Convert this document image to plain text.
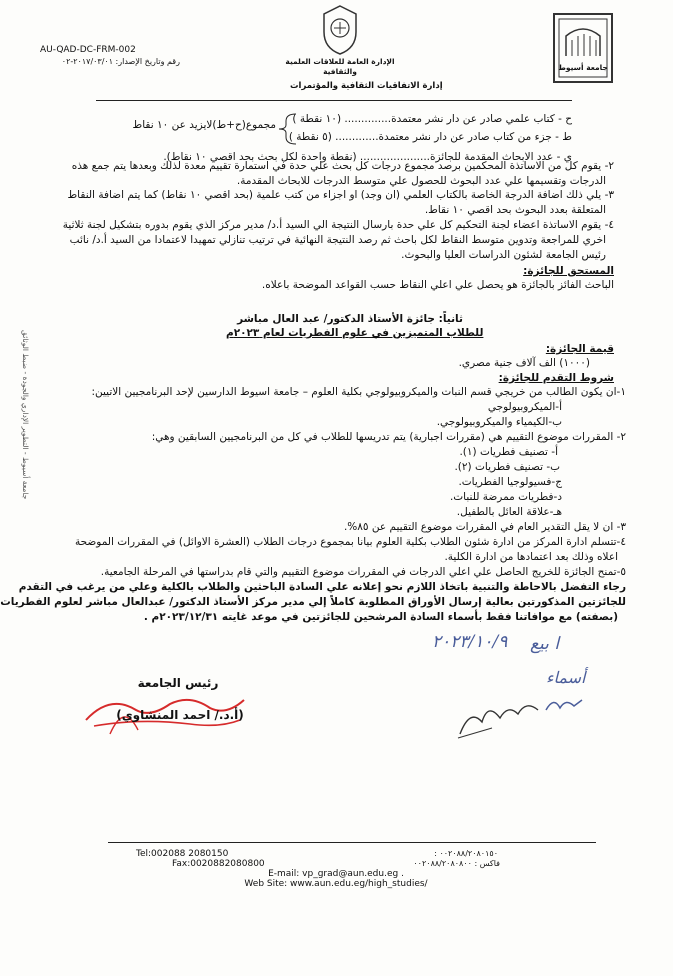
AU-QAD-DC-FRM-002
رقم وتاريخ الإصدار: ٢٠١٧/٠٣/٠١-٠٢	الإدارة العامة للعلاقات العلمية والثقافية
إدارة الاتفاقيات الثقافية والمؤتمرات
جامعة أسيوط
ح - كتاب علمي صادر عن دار نشر معتمدة.............. (١٠ نقطة )
ط - جزء من كتاب صادر عن دار نشر معتمدة............. (٥ نقطة )
مجموع(ح+ط)لايزيد عن ١٠ نقاط
ي - عدد الابحاث المقدمة للجائزة..................... (نقطة واحدة لكل بحث بحد اقصي ١٠ نقاط).
٢- يقوم كل من الاساتذة المحكمين برصد مجموع درجات كل بحث علي حدة في استمارة تقييم معدة لذلك وبعدها يتم جمع هذه
الدرجات وتقسيمها علي عدد البحوث للحصول علي متوسط الدرجات للابحاث المقدمة.
٣- يلي ذلك اضافة الدرجة الخاصة بالكتاب العلمي (ان وجد) او اجزاء من كتب علمية (بحد اقصي ١٠ نقاط) كما يتم اضافة النقاط
المتعلقة بعدد البحوث بحد اقصي ١٠ نقاط.
٤- يقوم الاساتذة اعضاء لجنة التحكيم كل علي حدة بارسال النتيجة الي السيد أ.د/ مدير مركز الذي يقوم بدوره بتشكيل لجنة ثلاثية
اخري للمراجعة وتدوين متوسط النقاط لكل باحث ثم رصد النتيجة النهائية في ترتيب تنازلي تمهيدا لاعتمادا من السيد أ.د/ نائب
رئيس الجامعة لشئون الدراسات العليا والبحوث.
المستحق للجائزة:
الباحث الفائز بالجائزة هو يحصل علي اعلي النقاط حسب القواعد الموضحة باعلاه.
ثانياً: جائزة الأستاذ الدكتور/ عبد العال مباشر
للطلاب المتميزين في علوم الفطريات لعام ٢٠٢٣م
قيمة الجائزة:
(١٠٠٠) الف آلاف جنية مصري.
شروط التقدم للجائزة:
١-ان يكون الطالب من خريجي قسم النبات والميكروبيولوجي بكلية العلوم – جامعة اسيوط الدارسين لإحد البرنامجيين الاتيين:
أ-الميكروبيولوجي
ب-الكيمياء والميكروبيولوجي.
٢- المقررات موضوع التقييم هي (مقررات اجبارية) يتم تدريسها للطلاب في كل من البرنامجيين السابقين وهي:
أ- تصنيف فطريات (١).
ب- تصنيف فطريات (٢).
ج-فسيولوجيا الفطريات.
د-فطريات ممرضة للنبات.
هـ-علاقة العائل بالطفيل.
٣- ان لا يقل التقدير العام في المقررات موضوع التقييم عن ٨٥%.
٤-تتسلم ادارة المركز من ادارة شئون الطلاب بكلية العلوم بيانا بمجموع درجات الطلاب (العشرة الاوائل) في المقررات الموضحة
اعلاه وذلك بعد اعتمادها من ادارة الكلية.
٥-تمنح الجائزة للخريج الحاصل علي اعلي الدرجات في المقررات موضوع التقييم والتي قام بدراستها في المرحلة الجامعية.
رجاء التفضل بالاحاطة والتنبية باتخاذ اللازم نحو إعلانه علي السادة الباحثين والطلاب بالكلية وعلي من يرغب في التقدم
للجائزتين المذكورتين بعالية إرسال الأوراق المطلوبة كاملاً إلي مدير مركز الأستاذ الدكتور/ عبدالعال مباشر لعلوم الفطريات
(بصفته) مع موافاتنا فقط بأسماء السادة المرشحين للجائزتين في موعد غايته ٢٠٢٣/١٢/٣١م .
ا بيع
٢٠٢٣/١٠/٩
أسماء
رئيس الجامعة
(أ.د./ احمد المنشاوي)
جامعة أسيوط - التطوير الإداري والجودة - ضبط الوثائق
Tel:002088 2080150
Fax:0020882080800
٠٠٢٠٨٨/٢٠٨٠١٥٠ :
فاكس : ٠٠٢٠٨٨/٢٠٨٠٨٠٠
E-mail: vp_grad@aun.edu.eg .
Web Site: www.aun.edu.eg/high_studies/
